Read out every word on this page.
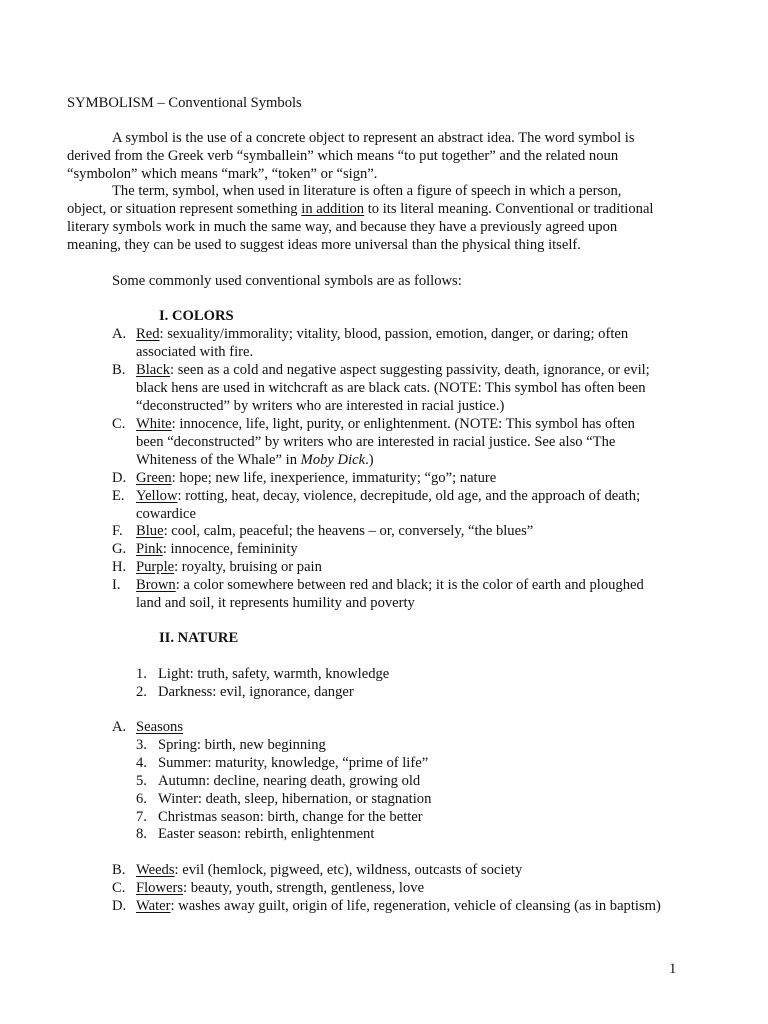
SYMBOLISM – Conventional Symbols
A symbol is the use of a concrete object to represent an abstract idea. The word symbol is
derived from the Greek verb “symballein” which means “to put together” and the related noun
“symbolon” which means “mark”, “token” or “sign”.
The term, symbol, when used in literature is often a figure of speech in which a person,
object, or situation represent something in addition to its literal meaning. Conventional or traditional
literary symbols work in much the same way, and because they have a previously agreed upon
meaning, they can be used to suggest ideas more universal than the physical thing itself.
Some commonly used conventional symbols are as follows:
I. COLORS
A. Red: sexuality/immorality; vitality, blood, passion, emotion, danger, or daring; often
associated with fire.
B. Black: seen as a cold and negative aspect suggesting passivity, death, ignorance, or evil;
black hens are used in witchcraft as are black cats. (NOTE: This symbol has often been
“deconstructed” by writers who are interested in racial justice.)
C. White: innocence, life, light, purity, or enlightenment. (NOTE: This symbol has often
been “deconstructed” by writers who are interested in racial justice. See also “The
Whiteness of the Whale” in Moby Dick.)
D. Green: hope; new life, inexperience, immaturity; “go”; nature
E. Yellow: rotting, heat, decay, violence, decrepitude, old age, and the approach of death;
cowardice
F. Blue: cool, calm, peaceful; the heavens – or, conversely, “the blues”
G. Pink: innocence, femininity
H. Purple: royalty, bruising or pain
I. Brown: a color somewhere between red and black; it is the color of earth and ploughed
land and soil, it represents humility and poverty
II. NATURE
1. Light: truth, safety, warmth, knowledge
2. Darkness: evil, ignorance, danger
A. Seasons
3. Spring: birth, new beginning
4. Summer: maturity, knowledge, “prime of life”
5. Autumn: decline, nearing death, growing old
6. Winter: death, sleep, hibernation, or stagnation
7. Christmas season: birth, change for the better
8. Easter season: rebirth, enlightenment
B. Weeds: evil (hemlock, pigweed, etc), wildness, outcasts of society
C. Flowers: beauty, youth, strength, gentleness, love
D. Water: washes away guilt, origin of life, regeneration, vehicle of cleansing (as in baptism)
1
